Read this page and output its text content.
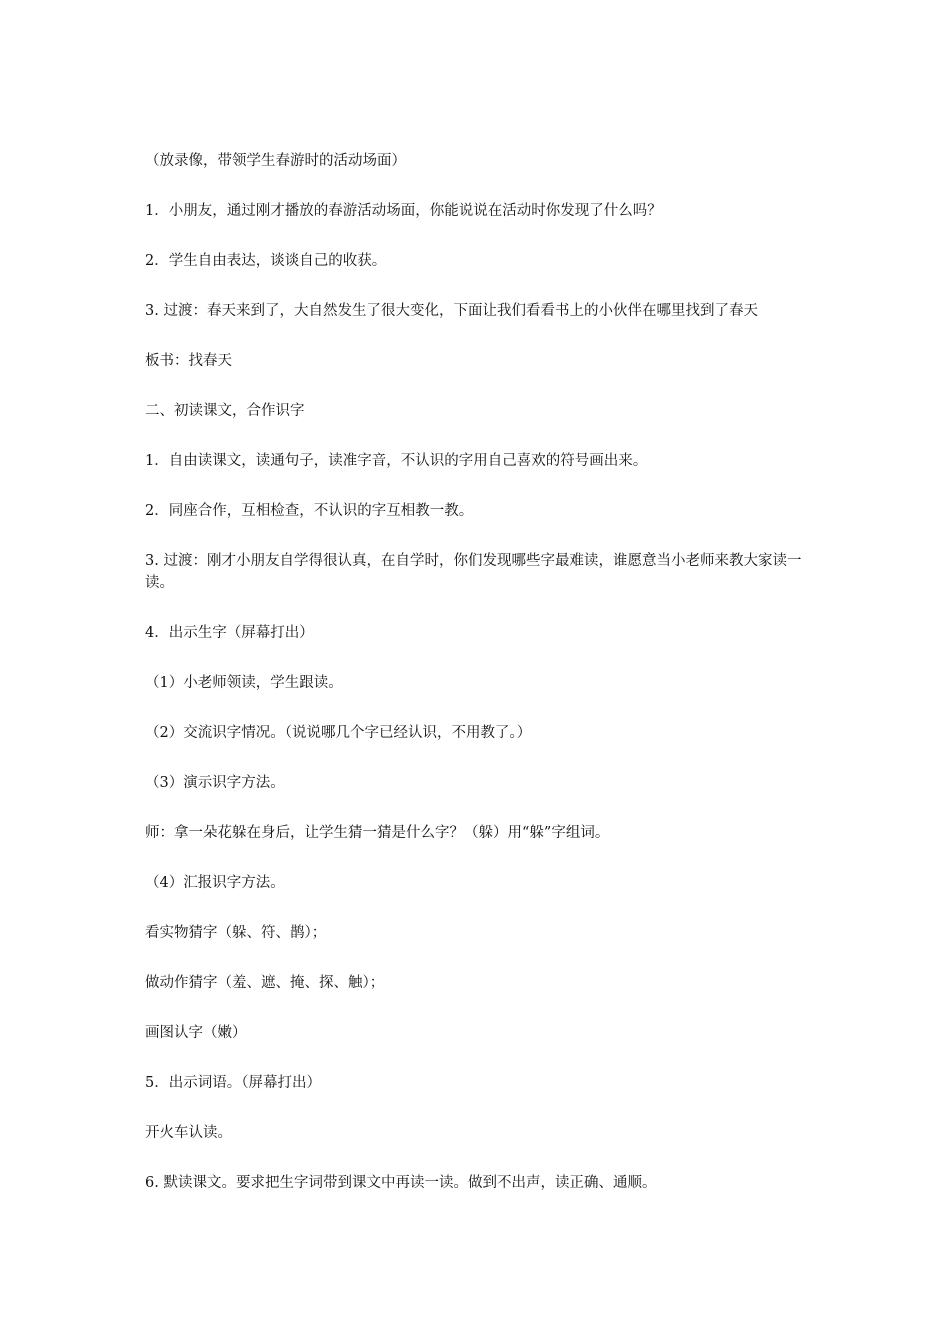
（放录像，带领学生春游时的活动场面）

1．小朋友，通过刚才播放的春游活动场面，你能说说在活动时你发现了什么吗？

2．学生自由表达，谈谈自己的收获。

3. 过渡：春天来到了，大自然发生了很大变化，下面让我们看看书上的小伙伴在哪里找到了春天

板书：找春天

二、初读课文，合作识字

1．自由读课文，读通句子，读准字音，不认识的字用自己喜欢的符号画出来。

2．同座合作，互相检查，不认识的字互相教一教。

3. 过渡：刚才小朋友自学得很认真，在自学时，你们发现哪些字最难读，谁愿意当小老师来教大家读一读。

4．出示生字（屏幕打出）

（1）小老师领读，学生跟读。

（2）交流识字情况。（说说哪几个字已经认识，不用教了。）

（3）演示识字方法。

师：拿一朵花躲在身后，让学生猜一猜是什么字？（躲）用“躲”字组词。

（4）汇报识字方法。

看实物猜字（躲、符、鹊）；

做动作猜字（羞、遮、掩、探、触）；

画图认字（嫩）

5．出示词语。（屏幕打出）

开火车认读。

6. 默读课文。要求把生字词带到课文中再读一读。做到不出声，读正确、通顺。
